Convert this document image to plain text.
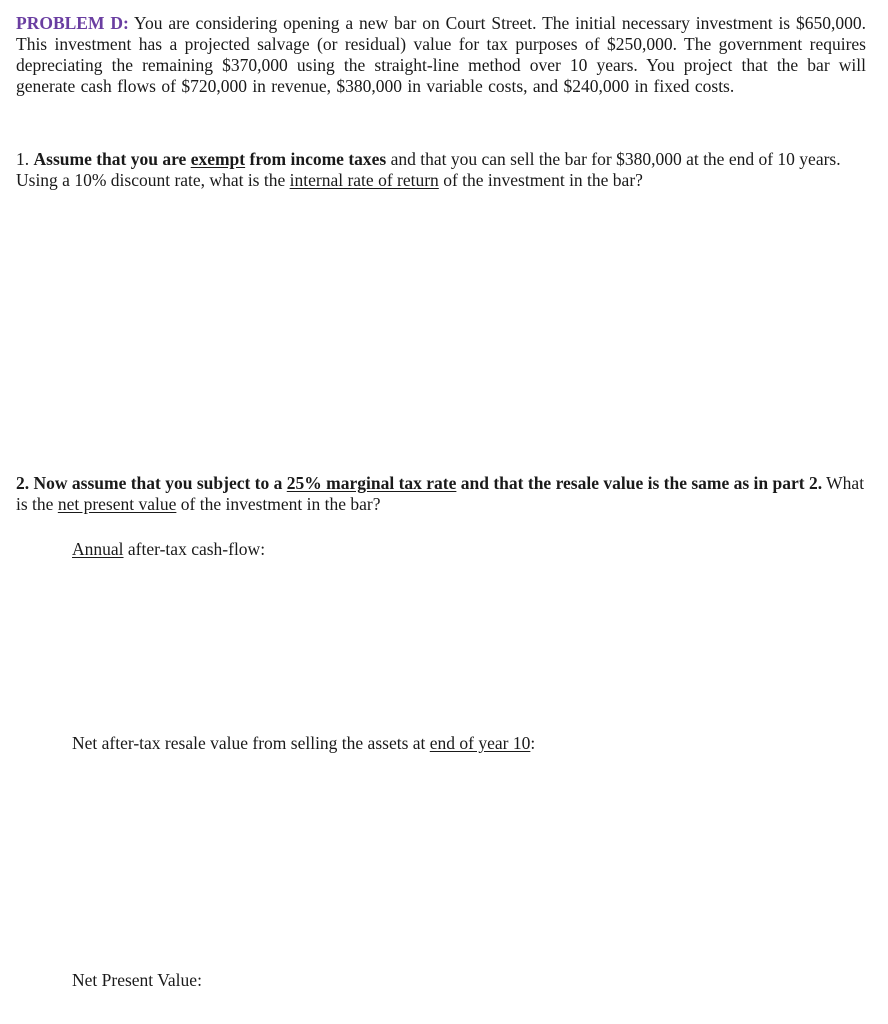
PROBLEM D: You are considering opening a new bar on Court Street. The initial necessary investment is $650,000. This investment has a projected salvage (or residual) value for tax purposes of $250,000. The government requires depreciating the remaining $370,000 using the straight-line method over 10 years. You project that the bar will generate cash flows of $720,000 in revenue, $380,000 in variable costs, and $240,000 in fixed costs.

1. Assume that you are exempt from income taxes and that you can sell the bar for $380,000 at the end of 10 years. Using a 10% discount rate, what is the internal rate of return of the investment in the bar?

2. Now assume that you subject to a 25% marginal tax rate and that the resale value is the same as in part 2. What is the net present value of the investment in the bar?

Annual after-tax cash-flow:
Net after-tax resale value from selling the assets at end of year 10:
Net Present Value:
